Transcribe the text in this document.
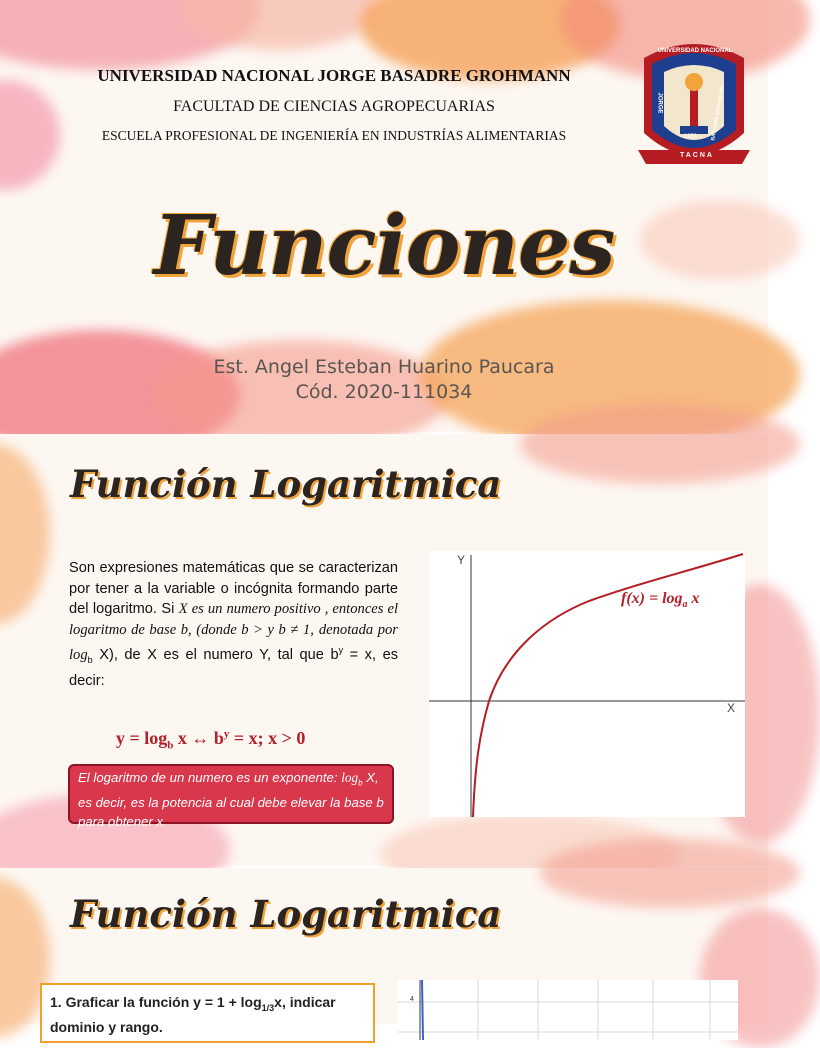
UNIVERSIDAD NACIONAL JORGE BASADRE GROHMANN
FACULTAD DE CIENCIAS AGROPECUARIAS
ESCUELA PROFESIONAL DE INGENIERÍA EN INDUSTRÍAS ALIMENTARIAS
UNIVERSIDAD NACIONAL
JORGE	BASADRE GROHMANN
1971
TACNA
Funciones
Est. Angel Esteban Huarino Paucara
Cód. 2020-111034
Función Logaritmica
Son expresiones matemáticas que se caracterizan por tener a la variable o incógnita formando parte del logaritmo. Si X es un numero positivo , entonces el logaritmo de base b, (donde b > y b ≠ 1, denotada por $\log_b X$), de X es el numero Y, tal que $b^y = x$, es decir:
$y = \log_b x$ ↔ $b^y = x$; x > 0
El logaritmo de un numero es un exponente: $\log_b X$, es decir, es la potencia al cual debe elevar la base b para obtener x.
Y
X
$f(x) = \log_a x$
Función Logaritmica
1. Graficar la función $y = 1 + \log_{1/3}x$, indicar dominio y rango.
4
